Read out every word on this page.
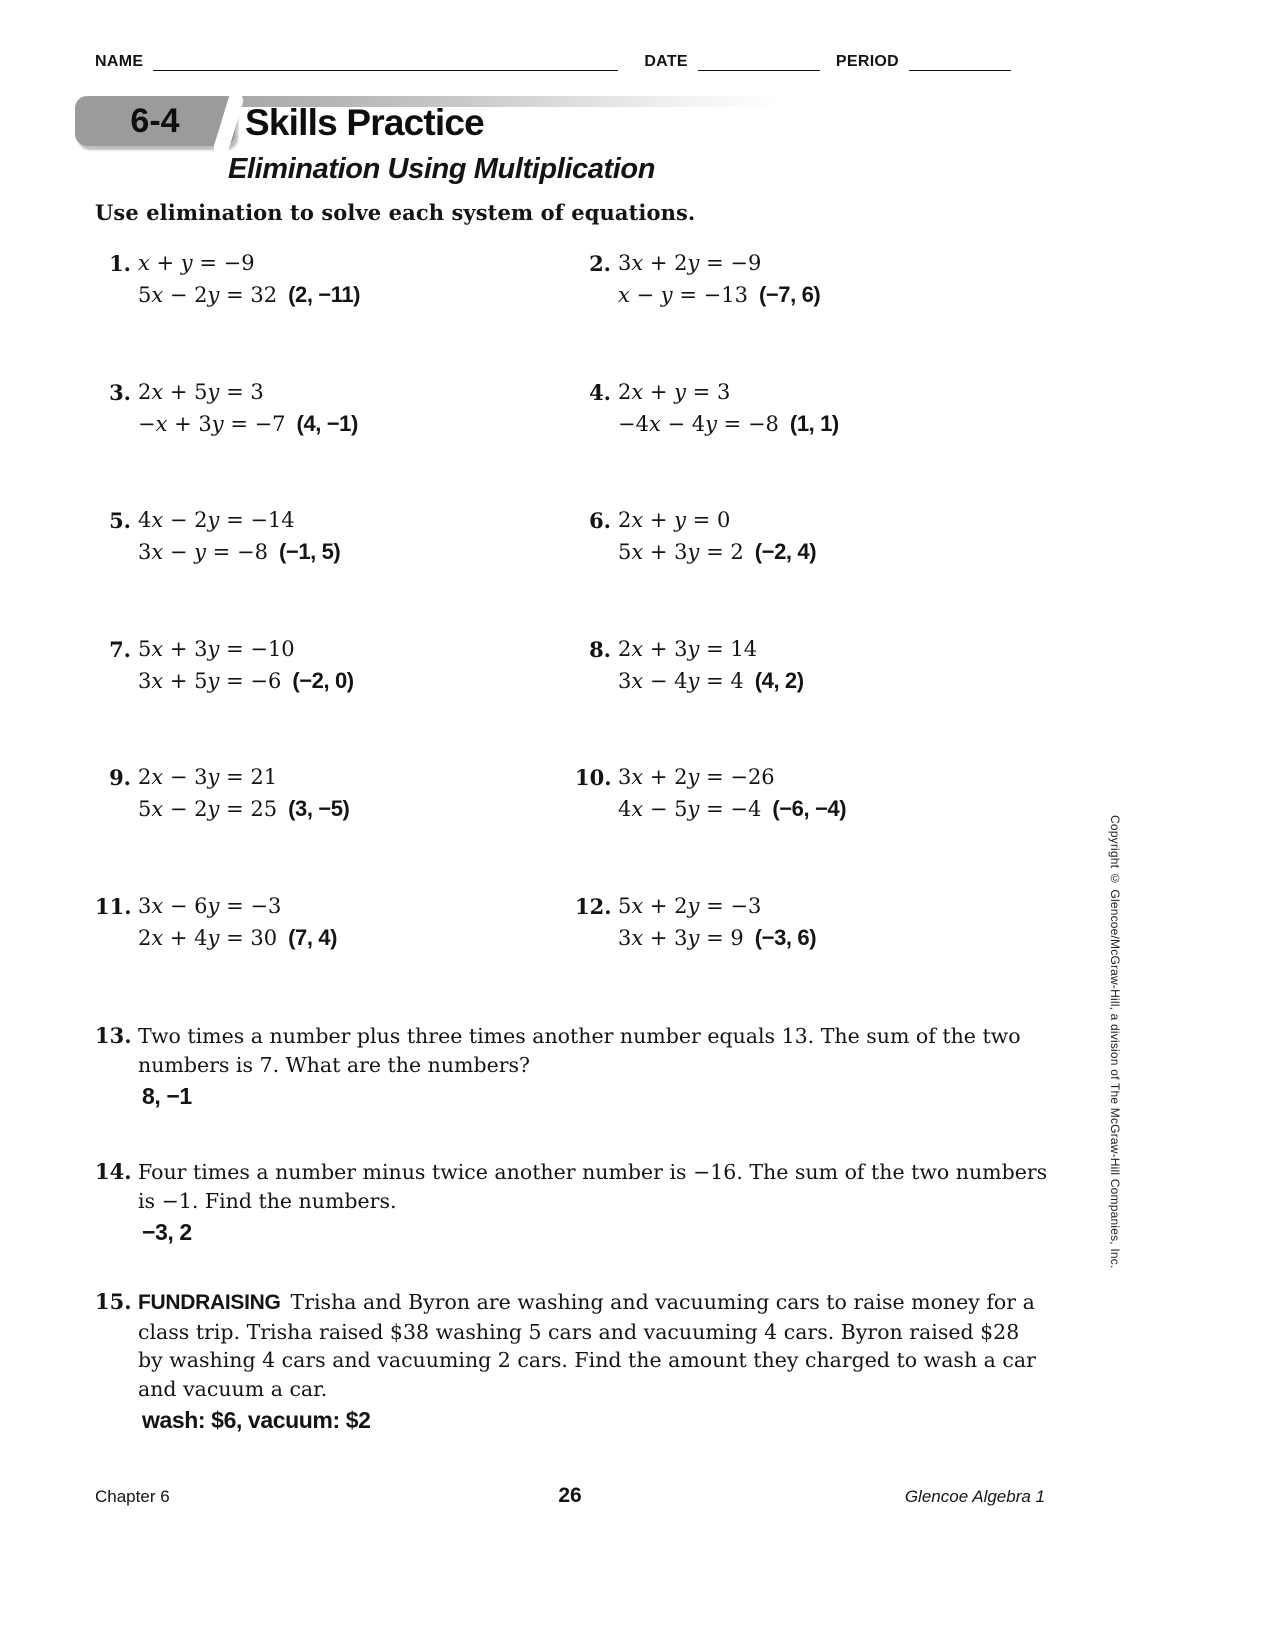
NAME	DATE	PERIOD
6-4 Skills Practice
Elimination Using Multiplication
Use elimination to solve each system of equations.
1. x + y = −9
5x − 2y = 32 (2, −11)
2. 3x + 2y = −9
x − y = −13 (−7, 6)
3. 2x + 5y = 3
−x + 3y = −7 (4, −1)
4. 2x + y = 3
−4x − 4y = −8 (1, 1)
5. 4x − 2y = −14
3x − y = −8 (−1, 5)
6. 2x + y = 0
5x + 3y = 2 (−2, 4)
7. 5x + 3y = −10
3x + 5y = −6 (−2, 0)
8. 2x + 3y = 14
3x − 4y = 4 (4, 2)
9. 2x − 3y = 21
5x − 2y = 25 (3, −5)
10. 3x + 2y = −26
4x − 5y = −4 (−6, −4)
11. 3x − 6y = −3
2x + 4y = 30 (7, 4)
12. 5x + 2y = −3
3x + 3y = 9 (−3, 6)
13. Two times a number plus three times another number equals 13. The sum of the two numbers is 7. What are the numbers?
8, −1
14. Four times a number minus twice another number is −16. The sum of the two numbers is −1. Find the numbers.
−3, 2
15. FUNDRAISING Trisha and Byron are washing and vacuuming cars to raise money for a class trip. Trisha raised $38 washing 5 cars and vacuuming 4 cars. Byron raised $28 by washing 4 cars and vacuuming 2 cars. Find the amount they charged to wash a car and vacuum a car.
wash: $6, vacuum: $2
Copyright © Glencoe/McGraw-Hill, a division of The McGraw-Hill Companies, Inc.
Chapter 6	26	Glencoe Algebra 1
